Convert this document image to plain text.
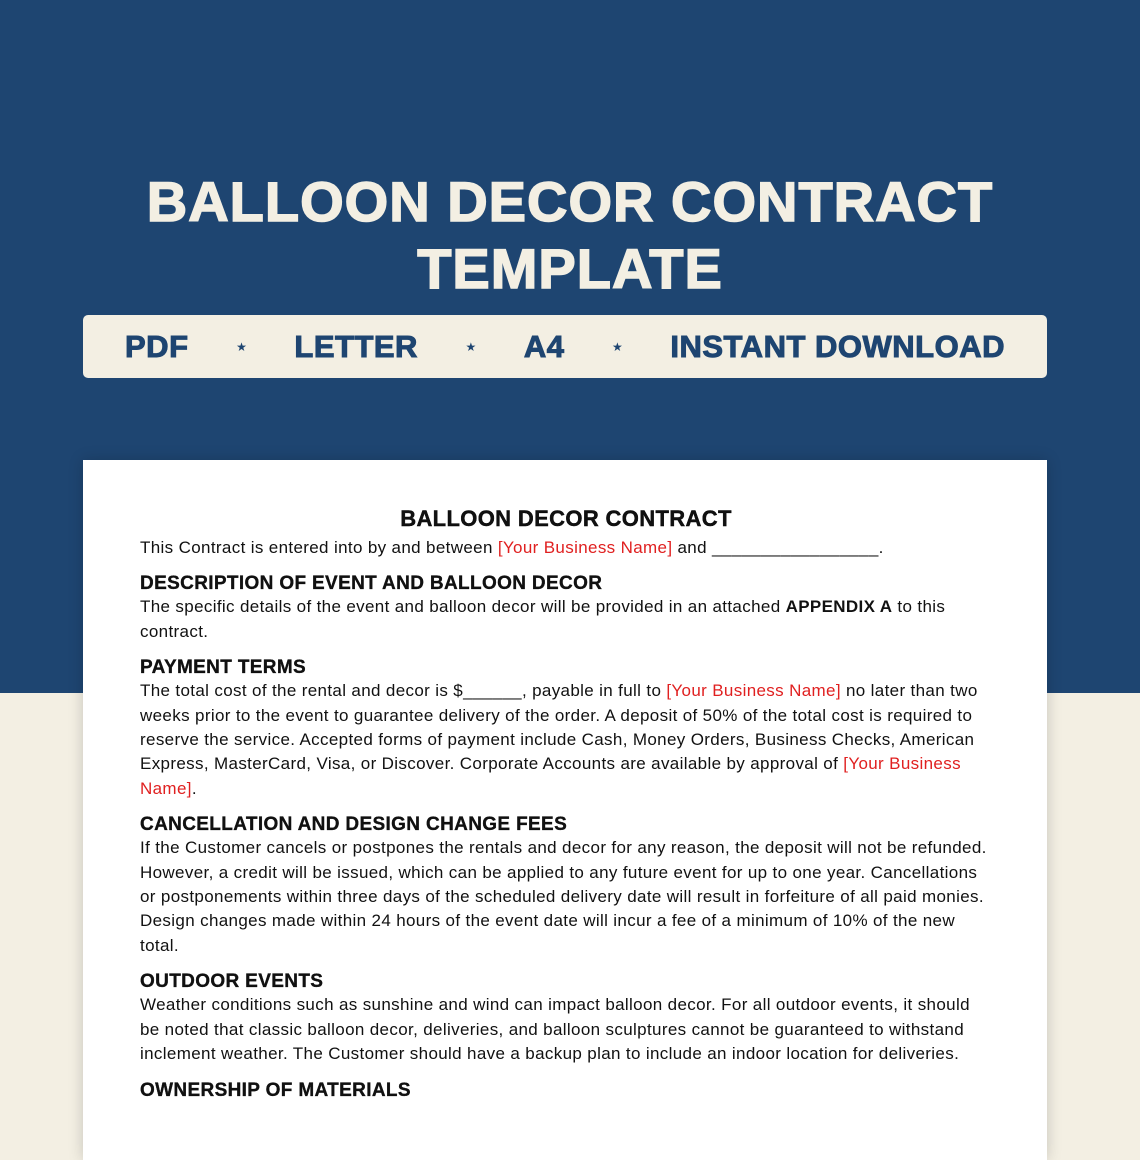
BALLOON DECOR CONTRACT
TEMPLATE
PDF	★ LETTER	★ A4	★ INSTANT DOWNLOAD
BALLOON DECOR CONTRACT

This Contract is entered into by and between [Your Business Name] and _________________.

DESCRIPTION OF EVENT AND BALLOON DECOR

The specific details of the event and balloon decor will be provided in an attached APPENDIX A to this contract.

PAYMENT TERMS

The total cost of the rental and decor is $______, payable in full to [Your Business Name] no later than two weeks prior to the event to guarantee delivery of the order. A deposit of 50% of the total cost is required to reserve the service. Accepted forms of payment include Cash, Money Orders, Business Checks, American Express, MasterCard, Visa, or Discover. Corporate Accounts are available by approval of [Your Business Name].

CANCELLATION AND DESIGN CHANGE FEES

If the Customer cancels or postpones the rentals and decor for any reason, the deposit will not be refunded. However, a credit will be issued, which can be applied to any future event for up to one year. Cancellations or postponements within three days of the scheduled delivery date will result in forfeiture of all paid monies. Design changes made within 24 hours of the event date will incur a fee of a minimum of 10% of the new total.

OUTDOOR EVENTS

Weather conditions such as sunshine and wind can impact balloon decor. For all outdoor events, it should be noted that classic balloon decor, deliveries, and balloon sculptures cannot be guaranteed to withstand inclement weather. The Customer should have a backup plan to include an indoor location for deliveries.

OWNERSHIP OF MATERIALS
